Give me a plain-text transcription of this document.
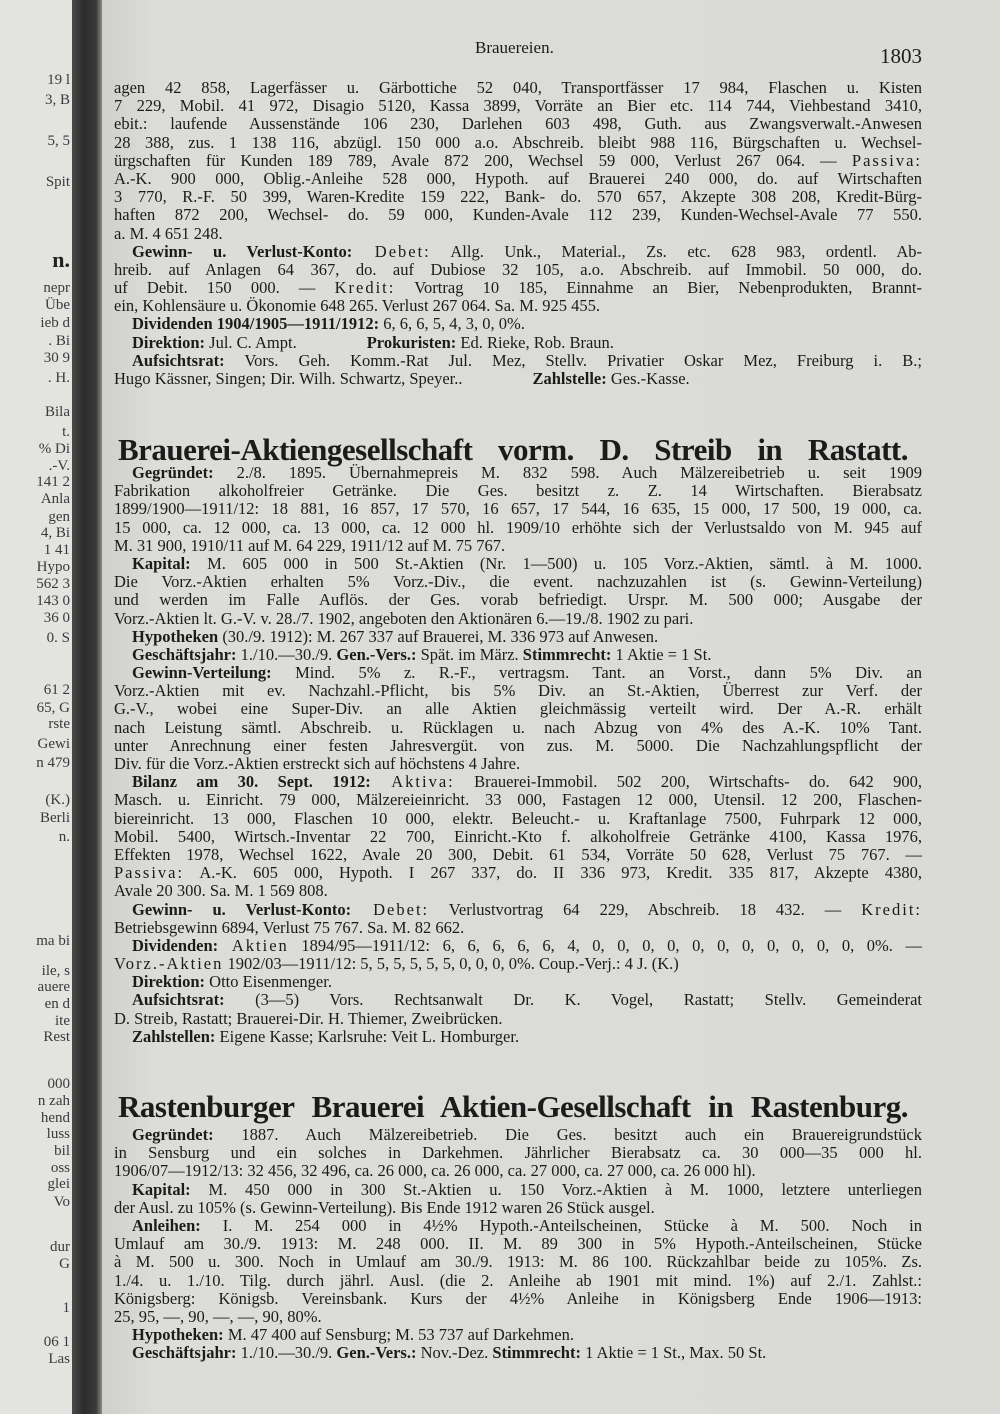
19 l
3, B
5, 5
Spit
n.
nepr
Übe
ieb d
. Bi
30 9
. H.
Bila
t.
% Di
.-V.
141 2
Anla
gen
4, Bi
1 41
Hypo
562 3
143 0
36 0
0. S
61 2
65, G
rste
Gewi
n 479
(K.)
Berli
n.
ma bi
ile, s
auere
en d
ite
Rest
000
n zah
hend
luss
bil
oss
glei
Vo
dur
G
1
06 1
Las
Brauereien.	1803
agen 42 858, Lagerfässer u. Gärbottiche 52 040, Transportfässer 17 984, Flaschen u. Kisten
7 229, Mobil. 41 972, Disagio 5120, Kassa 3899, Vorräte an Bier etc. 114 744, Viehbestand 3410,
ebit.: laufende Aussenstände 106 230, Darlehen 603 498, Guth. aus Zwangsverwalt.-Anwesen
28 388, zus. 1 138 116, abzügl. 150 000 a.o. Abschreib. bleibt 988 116, Bürgschaften u. Wechsel-
ürgschaften für Kunden 189 789, Avale 872 200, Wechsel 59 000, Verlust 267 064. — Passiva:
A.-K. 900 000, Oblig.-Anleihe 528 000, Hypoth. auf Brauerei 240 000, do. auf Wirtschaften
3 770, R.-F. 50 399, Waren-Kredite 159 222, Bank- do. 570 657, Akzepte 308 208, Kredit-Bürg-
haften 872 200, Wechsel- do. 59 000, Kunden-Avale 112 239, Kunden-Wechsel-Avale 77 550.
a. M. 4 651 248.
Gewinn- u. Verlust-Konto: Debet: Allg. Unk., Material., Zs. etc. 628 983, ordentl. Ab-
hreib. auf Anlagen 64 367, do. auf Dubiose 32 105, a.o. Abschreib. auf Immobil. 50 000, do.
uf Debit. 150 000. — Kredit: Vortrag 10 185, Einnahme an Bier, Nebenprodukten, Brannt-
ein, Kohlensäure u. Ökonomie 648 265. Verlust 267 064. Sa. M. 925 455.
Dividenden 1904/1905—1911/1912: 6, 6, 6, 5, 4, 3, 0, 0%.
Direktion: Jul. C. Ampt.	Prokuristen: Ed. Rieke, Rob. Braun.
Aufsichtsrat: Vors. Geh. Komm.-Rat Jul. Mez, Stellv. Privatier Oskar Mez, Freiburg i. B.;
Hugo Kässner, Singen; Dir. Wilh. Schwartz, Speyer..	Zahlstelle: Ges.-Kasse.
Brauerei-Aktiengesellschaft vorm. D. Streib in Rastatt.
Gegründet: 2./8. 1895. Übernahmepreis M. 832 598. Auch Mälzereibetrieb u. seit 1909
Fabrikation alkoholfreier Getränke. Die Ges. besitzt z. Z. 14 Wirtschaften. Bierabsatz
1899/1900—1911/12: 18 881, 16 857, 17 570, 16 657, 17 544, 16 635, 15 000, 17 500, 19 000, ca.
15 000, ca. 12 000, ca. 13 000, ca. 12 000 hl. 1909/10 erhöhte sich der Verlustsaldo von M. 945 auf
M. 31 900, 1910/11 auf M. 64 229, 1911/12 auf M. 75 767.
Kapital: M. 605 000 in 500 St.-Aktien (Nr. 1—500) u. 105 Vorz.-Aktien, sämtl. à M. 1000.
Die Vorz.-Aktien erhalten 5% Vorz.-Div., die event. nachzuzahlen ist (s. Gewinn-Verteilung)
und werden im Falle Auflös. der Ges. vorab befriedigt. Urspr. M. 500 000; Ausgabe der
Vorz.-Aktien lt. G.-V. v. 28./7. 1902, angeboten den Aktionären 6.—19./8. 1902 zu pari.
Hypotheken (30./9. 1912): M. 267 337 auf Brauerei, M. 336 973 auf Anwesen.
Geschäftsjahr: 1./10.—30./9. Gen.-Vers.: Spät. im März. Stimmrecht: 1 Aktie = 1 St.
Gewinn-Verteilung: Mind. 5% z. R.-F., vertragsm. Tant. an Vorst., dann 5% Div. an
Vorz.-Aktien mit ev. Nachzahl.-Pflicht, bis 5% Div. an St.-Aktien, Überrest zur Verf. der
G.-V., wobei eine Super-Div. an alle Aktien gleichmässig verteilt wird. Der A.-R. erhält
nach Leistung sämtl. Abschreib. u. Rücklagen u. nach Abzug von 4% des A.-K. 10% Tant.
unter Anrechnung einer festen Jahresvergüt. von zus. M. 5000. Die Nachzahlungspflicht der
Div. für die Vorz.-Aktien erstreckt sich auf höchstens 4 Jahre.
Bilanz am 30. Sept. 1912: Aktiva: Brauerei-Immobil. 502 200, Wirtschafts- do. 642 900,
Masch. u. Einricht. 79 000, Mälzereieinricht. 33 000, Fastagen 12 000, Utensil. 12 200, Flaschen-
biereinricht. 13 000, Flaschen 10 000, elektr. Beleucht.- u. Kraftanlage 7500, Fuhrpark 12 000,
Mobil. 5400, Wirtsch.-Inventar 22 700, Einricht.-Kto f. alkoholfreie Getränke 4100, Kassa 1976,
Effekten 1978, Wechsel 1622, Avale 20 300, Debit. 61 534, Vorräte 50 628, Verlust 75 767. —
Passiva: A.-K. 605 000, Hypoth. I 267 337, do. II 336 973, Kredit. 335 817, Akzepte 4380,
Avale 20 300. Sa. M. 1 569 808.
Gewinn- u. Verlust-Konto: Debet: Verlustvortrag 64 229, Abschreib. 18 432. — Kredit:
Betriebsgewinn 6894, Verlust 75 767. Sa. M. 82 662.
Dividenden: Aktien 1894/95—1911/12: 6, 6, 6, 6, 6, 4, 0, 0, 0, 0, 0, 0, 0, 0, 0, 0, 0, 0%. —
Vorz.-Aktien 1902/03—1911/12: 5, 5, 5, 5, 5, 5, 0, 0, 0, 0%. Coup.-Verj.: 4 J. (K.)
Direktion: Otto Eisenmenger.
Aufsichtsrat: (3—5) Vors. Rechtsanwalt Dr. K. Vogel, Rastatt; Stellv. Gemeinderat
D. Streib, Rastatt; Brauerei-Dir. H. Thiemer, Zweibrücken.
Zahlstellen: Eigene Kasse; Karlsruhe: Veit L. Homburger.
Rastenburger Brauerei Aktien-Gesellschaft in Rastenburg.
Gegründet: 1887. Auch Mälzereibetrieb. Die Ges. besitzt auch ein Brauereigrundstück
in Sensburg und ein solches in Darkehmen. Jährlicher Bierabsatz ca. 30 000—35 000 hl.
1906/07—1912/13: 32 456, 32 496, ca. 26 000, ca. 26 000, ca. 27 000, ca. 27 000, ca. 26 000 hl).
Kapital: M. 450 000 in 300 St.-Aktien u. 150 Vorz.-Aktien à M. 1000, letztere unterliegen
der Ausl. zu 105% (s. Gewinn-Verteilung). Bis Ende 1912 waren 26 Stück ausgel.
Anleihen: I. M. 254 000 in 4½% Hypoth.-Anteilscheinen, Stücke à M. 500. Noch in
Umlauf am 30./9. 1913: M. 248 000. II. M. 89 300 in 5% Hypoth.-Anteilscheinen, Stücke
à M. 500 u. 300. Noch in Umlauf am 30./9. 1913: M. 86 100. Rückzahlbar beide zu 105%. Zs.
1./4. u. 1./10. Tilg. durch jährl. Ausl. (die 2. Anleihe ab 1901 mit mind. 1%) auf 2./1. Zahlst.:
Königsberg: Königsb. Vereinsbank. Kurs der 4½% Anleihe in Königsberg Ende 1906—1913:
25, 95, —, 90, —, —, 90, 80%.
Hypotheken: M. 47 400 auf Sensburg; M. 53 737 auf Darkehmen.
Geschäftsjahr: 1./10.—30./9. Gen.-Vers.: Nov.-Dez. Stimmrecht: 1 Aktie = 1 St., Max. 50 St.
